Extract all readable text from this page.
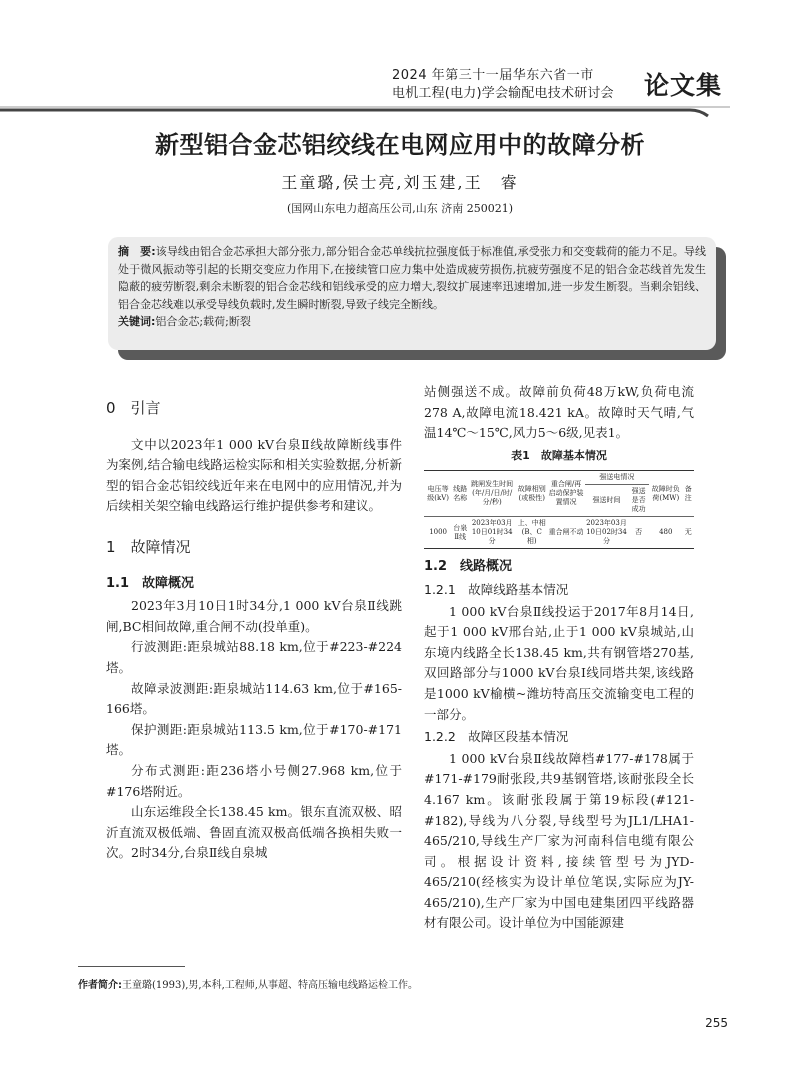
2024 年第三十一届华东六省一市
电机工程(电力)学会输配电技术研讨会	论文集
新型铝合金芯铝绞线在电网应用中的故障分析
王童璐,侯士亮,刘玉建,王　睿
(国网山东电力超高压公司,山东 济南 250021)

摘　要:该导线由铝合金芯承担大部分张力,部分铝合金芯单线抗拉强度低于标准值,承受张力和交变载荷的能力不足。导线处于微风振动等引起的长期交变应力作用下,在接续管口应力集中处造成疲劳损伤,抗疲劳强度不足的铝合金芯线首先发生隐蔽的疲劳断裂,剩余未断裂的铝合金芯线和铝线承受的应力增大,裂纹扩展速率迅速增加,进一步发生断裂。当剩余铝线、铝合金芯线难以承受导线负载时,发生瞬时断裂,导致子线完全断线。

关键词:铝合金芯;载荷;断裂

0　引言

文中以2023年1 000 kV台泉Ⅱ线故障断线事件为案例,结合输电线路运检实际和相关实验数据,分析新型的铝合金芯铝绞线近年来在电网中的应用情况,并为后续相关架空输电线路运行维护提供参考和建议。

1　故障情况
1.1　故障概况

2023年3月10日1时34分,1 000 kV台泉Ⅱ线跳闸,BC相间故障,重合闸不动(投单重)。

行波测距:距泉城站88.18 km,位于#223-#224塔。

故障录波测距:距泉城站114.63 km,位于#165-166塔。

保护测距:距泉城站113.5 km,位于#170-#171塔。

分布式测距:距236塔小号侧27.968 km,位于#176塔附近。

山东运维段全长138.45 km。银东直流双极、昭沂直流双极低端、鲁固直流双极高低端各换相失败一次。2时34分,台泉Ⅱ线自泉城

站侧强送不成。故障前负荷48万kW,负荷电流278 A,故障电流18.421 kA。故障时天气晴,气温14℃～15℃,风力5～6级,见表1。

表1　故障基本情况
电压等级(kV)	线路名称	跳闸发生时间(年/月/日/时/分/秒)	故障相别(或极性)	重合闸/再启动保护装置情况	强送电情况		故障时负荷(MW)	备注
					强送时间	强送是否成功		
1000	台泉Ⅱ线	2023年03月10日01时34分	上、中相(B、C相)	重合闸不动	2023年03月10日02时34分	否	480	无
1.2　线路概况
1.2.1　故障线路基本情况

1 000 kV台泉Ⅱ线投运于2017年8月14日,起于1 000 kV邢台站,止于1 000 kV泉城站,山东境内线路全长138.45 km,共有钢管塔270基,双回路部分与1000 kV台泉Ⅰ线同塔共架,该线路是1000 kV榆横~潍坊特高压交流输变电工程的一部分。

1.2.2　故障区段基本情况

1 000 kV台泉Ⅱ线故障档#177-#178属于#171-#179耐张段,共9基钢管塔,该耐张段全长4.167 km。该耐张段属于第19标段(#121-#182),导线为八分裂,导线型号为JL1/LHA1-465/210,导线生产厂家为河南科信电缆有限公司。根据设计资料,接续管型号为JYD-465/210(经核实为设计单位笔误,实际应为JY-465/210),生产厂家为中国电建集团四平线路器材有限公司。设计单位为中国能源建

作者简介:王童璐(1993),男,本科,工程师,从事超、特高压输电线路运检工作。
255
